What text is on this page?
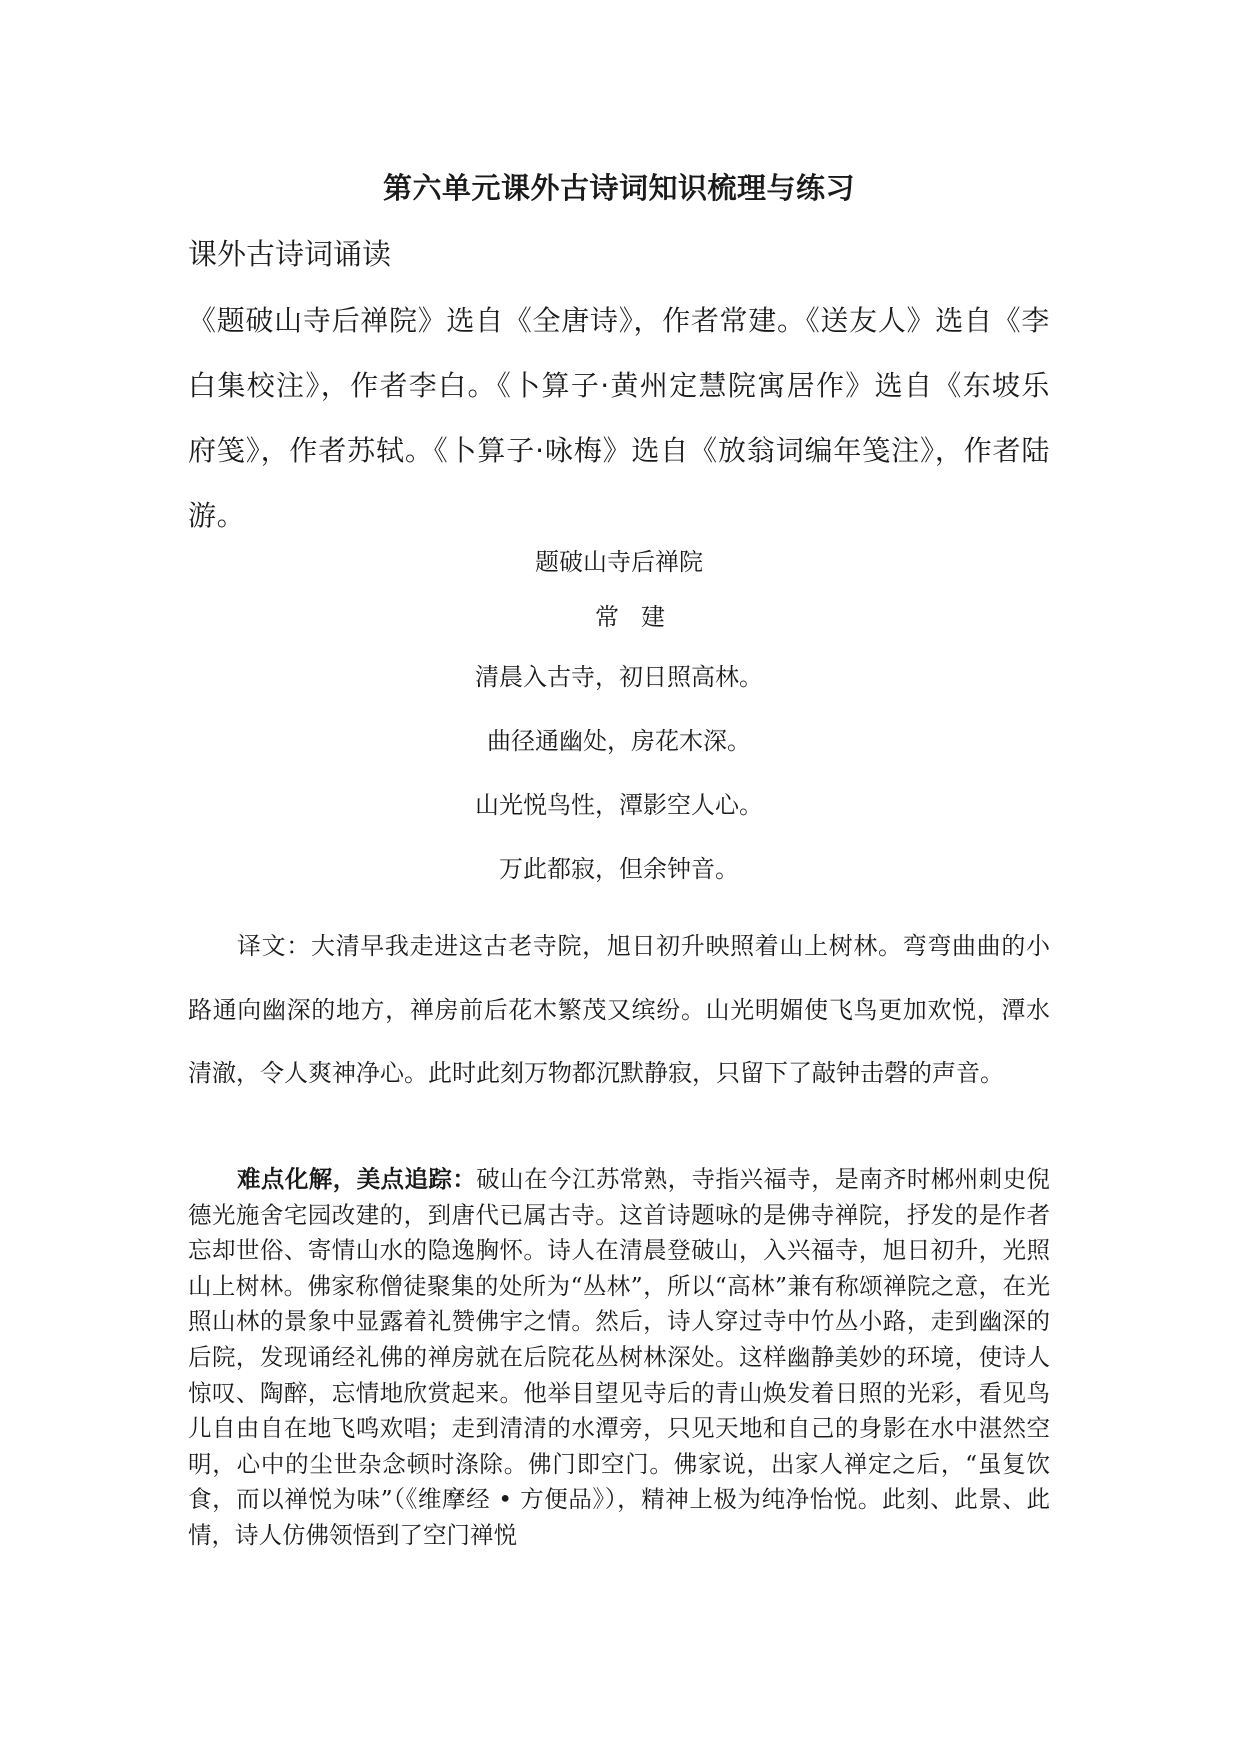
第六单元课外古诗词知识梳理与练习
课外古诗词诵读
《题破山寺后禅院》选自《全唐诗》，作者常建。《送友人》选自《李白集校注》，作者李白。《卜算子·黄州定慧院寓居作》选自《东坡乐府笺》，作者苏轼。《卜算子·咏梅》选自《放翁词编年笺注》，作者陆游。
题破山寺后禅院
常建
清晨入古寺，初日照高林。
曲径通幽处，房花木深。
山光悦鸟性，潭影空人心。
万此都寂，但余钟音。
译文：大清早我走进这古老寺院，旭日初升映照着山上树林。弯弯曲曲的小路通向幽深的地方，禅房前后花木繁茂又缤纷。山光明媚使飞鸟更加欢悦，潭水清澈，令人爽神净心。此时此刻万物都沉默静寂，只留下了敲钟击磬的声音。
难点化解，美点追踪：破山在今江苏常熟，寺指兴福寺，是南齐时郴州刺史倪德光施舍宅园改建的，到唐代已属古寺。这首诗题咏的是佛寺禅院，抒发的是作者忘却世俗、寄情山水的隐逸胸怀。诗人在清晨登破山，入兴福寺，旭日初升，光照山上树林。佛家称僧徒聚集的处所为“丛林”，所以“高林”兼有称颂禅院之意，在光照山林的景象中显露着礼赞佛宇之情。然后，诗人穿过寺中竹丛小路，走到幽深的后院，发现诵经礼佛的禅房就在后院花丛树林深处。这样幽静美妙的环境，使诗人惊叹、陶醉，忘情地欣赏起来。他举目望见寺后的青山焕发着日照的光彩，看见鸟儿自由自在地飞鸣欢唱；走到清清的水潭旁，只见天地和自己的身影在水中湛然空明，心中的尘世杂念顿时涤除。佛门即空门。佛家说，出家人禅定之后，“虽复饮食，而以禅悦为味”（《维摩经 • 方便品》），精神上极为纯净怡悦。此刻、此景、此情，诗人仿佛领悟到了空门禅悦
